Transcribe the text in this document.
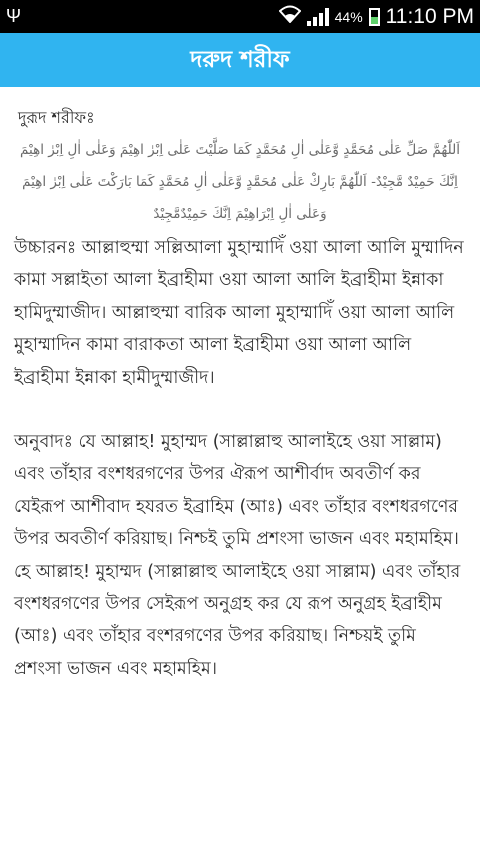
Ψ	44% 11:10 PM
দরুদ শরীফ

দুরূদ শরীফঃ

اَللّٰهُمَّ صَلِّ عَلٰى مُحَمَّدٍ وَّعَلٰى اٰلِ مُحَمَّدٍ كَمَا صَلَّيْتَ عَلٰى اِبْرٰ اهِيْمَ وَعَلٰى اٰلِ اِبْرٰ اهِيْمَ اِنَّكَ حَمِيْدٌ مَّجِيْدٌ- اَللّٰهُمَّ بَارِكْ عَلٰى مُحَمَّدٍ وَّعَلٰى اٰلِ مُحَمَّدٍ كَمَا بَارَكْتَ عَلٰى اِبْرٰ اهِيْمَ وَعَلٰى اٰلِ اِبْرَاهِيْمَ اِنَّكَ حَمِيْدٌمَّجِيْدٌ

উচ্চারনঃ আল্লাহুম্মা সল্লিআলা মুহাম্মাদিঁ ওয়া আলা আলি মুম্মাদিন কামা সল্লাইতা আলা ইব্রাহীমা ওয়া আলা আলি ইব্রাহীমা ইন্নাকা হামিদুম্মাজীদ। আল্লাহুম্মা বারিক আলা মুহাম্মাদিঁ ওয়া আলা আলি মুহাম্মাদিন কামা বারাকতা আলা ইব্রাহীমা ওয়া আলা আলি ইব্রাহীমা ইন্নাকা হামীদুম্মাজীদ।

অনুবাদঃ যে আল্লাহ! মুহাম্মদ (সাল্লাল্লাহু আলাইহে ওয়া সাল্লাম) এবং তাঁহার বংশধরগণের উপর ঐরূপ আশীর্বাদ অবতীর্ণ কর যেইরূপ আশীবাদ হযরত ইব্রাহিম (আঃ) এবং তাঁহার বংশধরগণের উপর অবতীর্ণ করিয়াছ। নিশ্চই তুমি প্রশংসা ভাজন এবং মহামহিম। হে আল্লাহ! মুহাম্মদ (সাল্লাল্লাহু আলাইহে ওয়া সাল্লাম) এবং তাঁহার বংশধরগণের উপর সেইরূপ অনুগ্রহ কর যে রূপ অনুগ্রহ ইব্রাহীম (আঃ) এবং তাঁহার বংশরগণের উপর করিয়াছ। নিশ্চয়ই তুমি প্রশংসা ভাজন এবং মহামহিম।
